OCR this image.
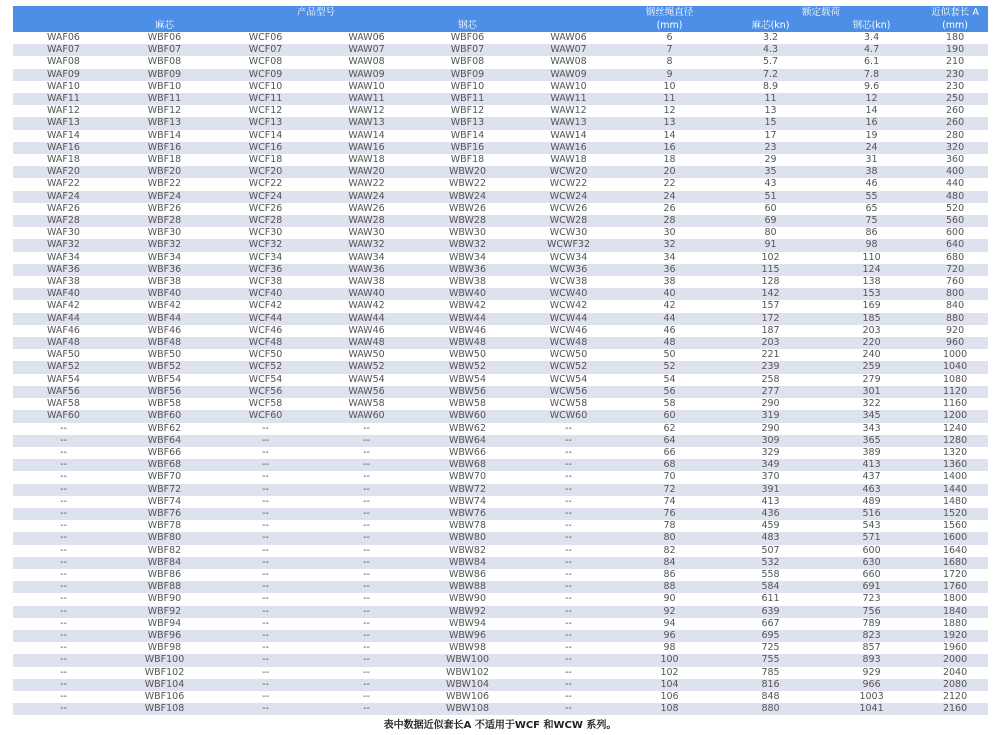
产品型号						钢丝绳直径	额定载荷		近似套长 A
麻芯			钢芯			(mm)	麻芯(kn)	钢芯(kn)	(mm)
WAF06	WBF06	WCF06	WAW06	WBF06	WAW06	6	3.2	3.4	180
WAF07	WBF07	WCF07	WAW07	WBF07	WAW07	7	4.3	4.7	190
WAF08	WBF08	WCF08	WAW08	WBF08	WAW08	8	5.7	6.1	210
WAF09	WBF09	WCF09	WAW09	WBF09	WAW09	9	7.2	7.8	230
WAF10	WBF10	WCF10	WAW10	WBF10	WAW10	10	8.9	9.6	230
WAF11	WBF11	WCF11	WAW11	WBF11	WAW11	11	11	12	250
WAF12	WBF12	WCF12	WAW12	WBF12	WAW12	12	13	14	260
WAF13	WBF13	WCF13	WAW13	WBF13	WAW13	13	15	16	260
WAF14	WBF14	WCF14	WAW14	WBF14	WAW14	14	17	19	280
WAF16	WBF16	WCF16	WAW16	WBF16	WAW16	16	23	24	320
WAF18	WBF18	WCF18	WAW18	WBF18	WAW18	18	29	31	360
WAF20	WBF20	WCF20	WAW20	WBW20	WCW20	20	35	38	400
WAF22	WBF22	WCF22	WAW22	WBW22	WCW22	22	43	46	440
WAF24	WBF24	WCF24	WAW24	WBW24	WCW24	24	51	55	480
WAF26	WBF26	WCF26	WAW26	WBW26	WCW26	26	60	65	520
WAF28	WBF28	WCF28	WAW28	WBW28	WCW28	28	69	75	560
WAF30	WBF30	WCF30	WAW30	WBW30	WCW30	30	80	86	600
WAF32	WBF32	WCF32	WAW32	WBW32	WCWF32	32	91	98	640
WAF34	WBF34	WCF34	WAW34	WBW34	WCW34	34	102	110	680
WAF36	WBF36	WCF36	WAW36	WBW36	WCW36	36	115	124	720
WAF38	WBF38	WCF38	WAW38	WBW38	WCW38	38	128	138	760
WAF40	WBF40	WCF40	WAW40	WBW40	WCW40	40	142	153	800
WAF42	WBF42	WCF42	WAW42	WBW42	WCW42	42	157	169	840
WAF44	WBF44	WCF44	WAW44	WBW44	WCW44	44	172	185	880
WAF46	WBF46	WCF46	WAW46	WBW46	WCW46	46	187	203	920
WAF48	WBF48	WCF48	WAW48	WBW48	WCW48	48	203	220	960
WAF50	WBF50	WCF50	WAW50	WBW50	WCW50	50	221	240	1000
WAF52	WBF52	WCF52	WAW52	WBW52	WCW52	52	239	259	1040
WAF54	WBF54	WCF54	WAW54	WBW54	WCW54	54	258	279	1080
WAF56	WBF56	WCF56	WAW56	WBW56	WCW56	56	277	301	1120
WAF58	WBF58	WCF58	WAW58	WBW58	WCW58	58	290	322	1160
WAF60	WBF60	WCF60	WAW60	WBW60	WCW60	60	319	345	1200
--	WBF62	--	--	WBW62	--	62	290	343	1240
--	WBF64	--	--	WBW64	--	64	309	365	1280
--	WBF66	--	--	WBW66	--	66	329	389	1320
--	WBF68	--	--	WBW68	--	68	349	413	1360
--	WBF70	--	--	WBW70	--	70	370	437	1400
--	WBF72	--	--	WBW72	--	72	391	463	1440
--	WBF74	--	--	WBW74	--	74	413	489	1480
--	WBF76	--	--	WBW76	--	76	436	516	1520
--	WBF78	--	--	WBW78	--	78	459	543	1560
--	WBF80	--	--	WBW80	--	80	483	571	1600
--	WBF82	--	--	WBW82	--	82	507	600	1640
--	WBF84	--	--	WBW84	--	84	532	630	1680
--	WBF86	--	--	WBW86	--	86	558	660	1720
--	WBF88	--	--	WBW88	--	88	584	691	1760
--	WBF90	--	--	WBW90	--	90	611	723	1800
--	WBF92	--	--	WBW92	--	92	639	756	1840
--	WBF94	--	--	WBW94	--	94	667	789	1880
--	WBF96	--	--	WBW96	--	96	695	823	1920
--	WBF98	--	--	WBW98	--	98	725	857	1960
--	WBF100	--	--	WBW100	--	100	755	893	2000
--	WBF102	--	--	WBW102	--	102	785	929	2040
--	WBF104	--	--	WBW104	--	104	816	966	2080
--	WBF106	--	--	WBW106	--	106	848	1003	2120
--	WBF108	--	--	WBW108	--	108	880	1041	2160
表中数据近似套长A 不适用于WCF 和WCW 系列。
